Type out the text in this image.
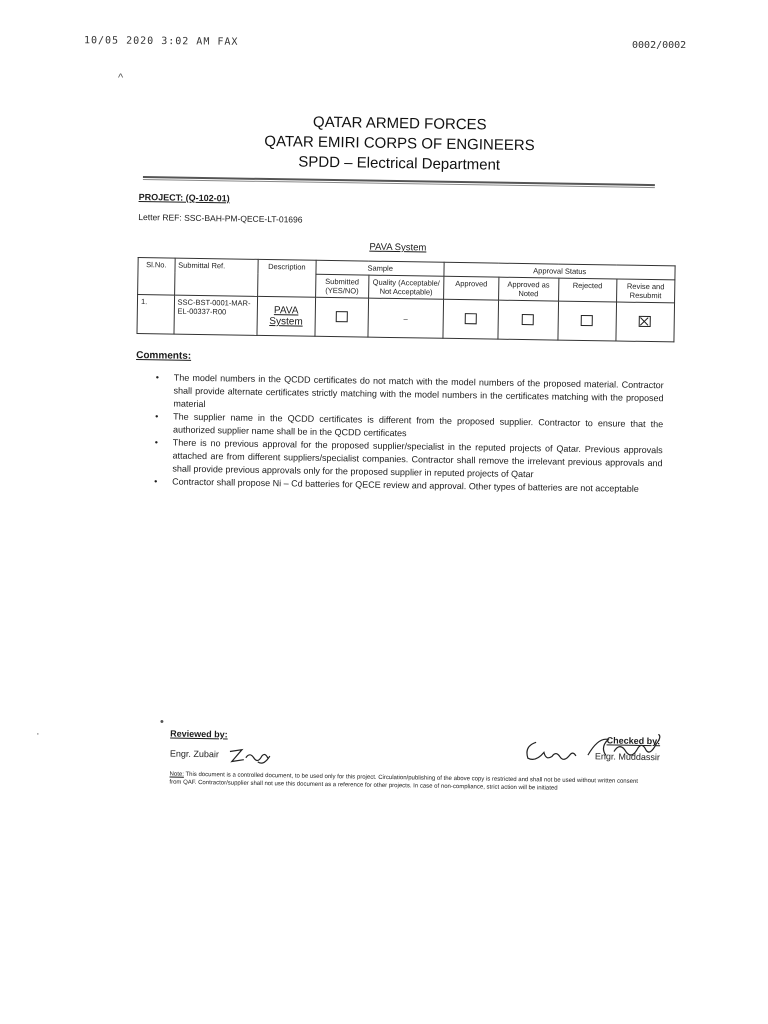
10/05 2020 3:02 AM FAX	0002/0002
^
·
•

QATAR ARMED FORCES

QATAR EMIRI CORPS OF ENGINEERS

SPDD – Electrical Department

PROJECT: (Q-102-01)
Letter REF: SSC-BAH-PM-QECE-LT-01696
PAVA System
Sl.No.	Submittal Ref.	Description	Sample		Approval Status			
			Submitted (YES/NO)	Quality (Acceptable/ Not Acceptable)	Approved	Approved as Noted	Rejected	Revise and Resubmit
1.	SSC-BST-0001-MAR-EL-00337-R00	PAVA System		–				
Comments:
• The model numbers in the QCDD certificates do not match with the model numbers of the proposed material. Contractor shall provide alternate certificates strictly matching with the model numbers in the certificates matching with the proposed material
• The supplier name in the QCDD certificates is different from the proposed supplier. Contractor to ensure that the authorized supplier name shall be in the QCDD certificates
• There is no previous approval for the proposed supplier/specialist in the reputed projects of Qatar. Previous approvals attached are from different suppliers/specialist companies. Contractor shall remove the irrelevant previous approvals and shall provide previous approvals only for the proposed supplier in reputed projects of Qatar
• Contractor shall propose Ni – Cd batteries for QECE review and approval. Other types of batteries are not acceptable
Reviewed by:
Engr. Zubair
Checked by:
Engr. Muddassir
Note: This document is a controlled document, to be used only for this project. Circulation/publishing of the above copy is restricted and shall not be used without written consent from QAF. Contractor/supplier shall not use this document as a reference for other projects. In case of non-compliance, strict action will be initiated
